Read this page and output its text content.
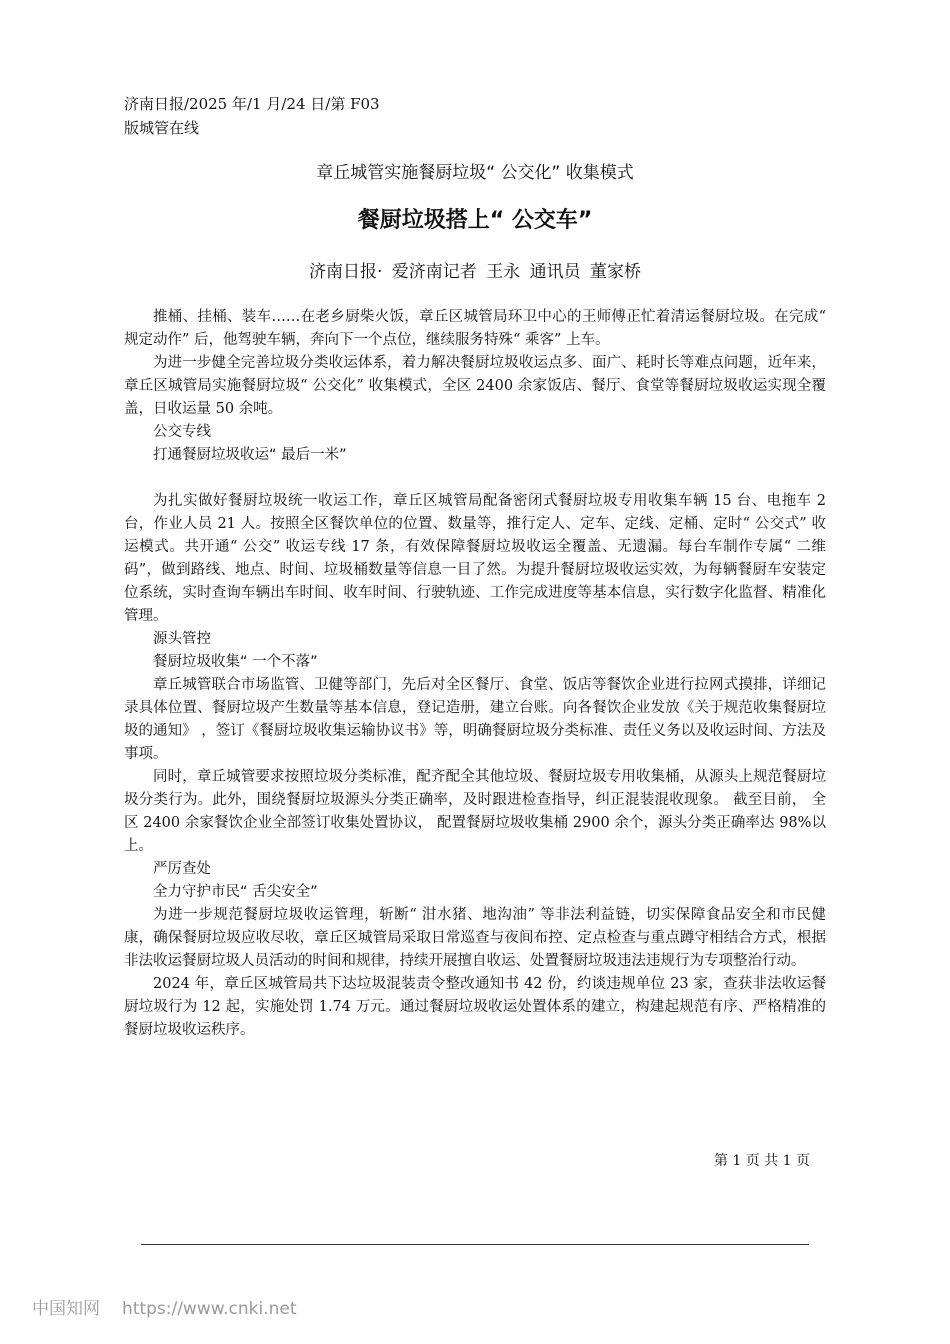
济南日报/2025 年/1 月/24 日/第 F03
版城管在线
章丘城管实施餐厨垃圾“ 公交化” 收集模式
餐厨垃圾搭上“ 公交车”
济南日报· 爱济南记者 王永 通讯员 董家桥

推桶、挂桶、装车……在老乡厨柴火饭，章丘区城管局环卫中心的王师傅正忙着清运餐厨垃圾。在完成“ 规定动作” 后，他驾驶车辆，奔向下一个点位，继续服务特殊“ 乘客” 上车。

为进一步健全完善垃圾分类收运体系，着力解决餐厨垃圾收运点多、面广、耗时长等难点问题，近年来，章丘区城管局实施餐厨垃圾“ 公交化” 收集模式，全区 2400 余家饭店、餐厅、食堂等餐厨垃圾收运实现全覆盖，日收运量 50 余吨。

公交专线

打通餐厨垃圾收运“ 最后一米”

为扎实做好餐厨垃圾统一收运工作，章丘区城管局配备密闭式餐厨垃圾专用收集车辆 15 台、电拖车 2 台，作业人员 21 人。按照全区餐饮单位的位置、数量等，推行定人、定车、定线、定桶、定时“ 公交式” 收运模式。共开通“ 公交” 收运专线 17 条，有效保障餐厨垃圾收运全覆盖、无遗漏。每台车制作专属“ 二维码”，做到路线、地点、时间、垃圾桶数量等信息一目了然。为提升餐厨垃圾收运实效，为每辆餐厨车安装定位系统，实时查询车辆出车时间、收车时间、行驶轨迹、工作完成进度等基本信息，实行数字化监督、精准化管理。

源头管控

餐厨垃圾收集“ 一个不落”

章丘城管联合市场监管、卫健等部门，先后对全区餐厅、食堂、饭店等餐饮企业进行拉网式摸排，详细记录具体位置、餐厨垃圾产生数量等基本信息，登记造册，建立台账。向各餐饮企业发放《关于规范收集餐厨垃圾的通知》 ，签订《餐厨垃圾收集运输协议书》等，明确餐厨垃圾分类标准、责任义务以及收运时间、方法及事项。

同时，章丘城管要求按照垃圾分类标准，配齐配全其他垃圾、餐厨垃圾专用收集桶，从源头上规范餐厨垃圾分类行为。此外，围绕餐厨垃圾源头分类正确率，及时跟进检查指导，纠正混装混收现象。 截至目前， 全区 2400 余家餐饮企业全部签订收集处置协议， 配置餐厨垃圾收集桶 2900 余个，源头分类正确率达 98%以上。

严厉查处

全力守护市民“ 舌尖安全”

为进一步规范餐厨垃圾收运管理，斩断“ 泔水猪、地沟油” 等非法利益链，切实保障食品安全和市民健康，确保餐厨垃圾应收尽收，章丘区城管局采取日常巡查与夜间布控、定点检查与重点蹲守相结合方式，根据非法收运餐厨垃圾人员活动的时间和规律，持续开展擅自收运、处置餐厨垃圾违法违规行为专项整治行动。

2024 年，章丘区城管局共下达垃圾混装责令整改通知书 42 份，约谈违规单位 23 家，查获非法收运餐厨垃圾行为 12 起，实施处罚 1.74 万元。通过餐厨垃圾收运处置体系的建立，构建起规范有序、严格精准的餐厨垃圾收运秩序。

第 1 页 共 1 页
中国知网 https://www.cnki.net
